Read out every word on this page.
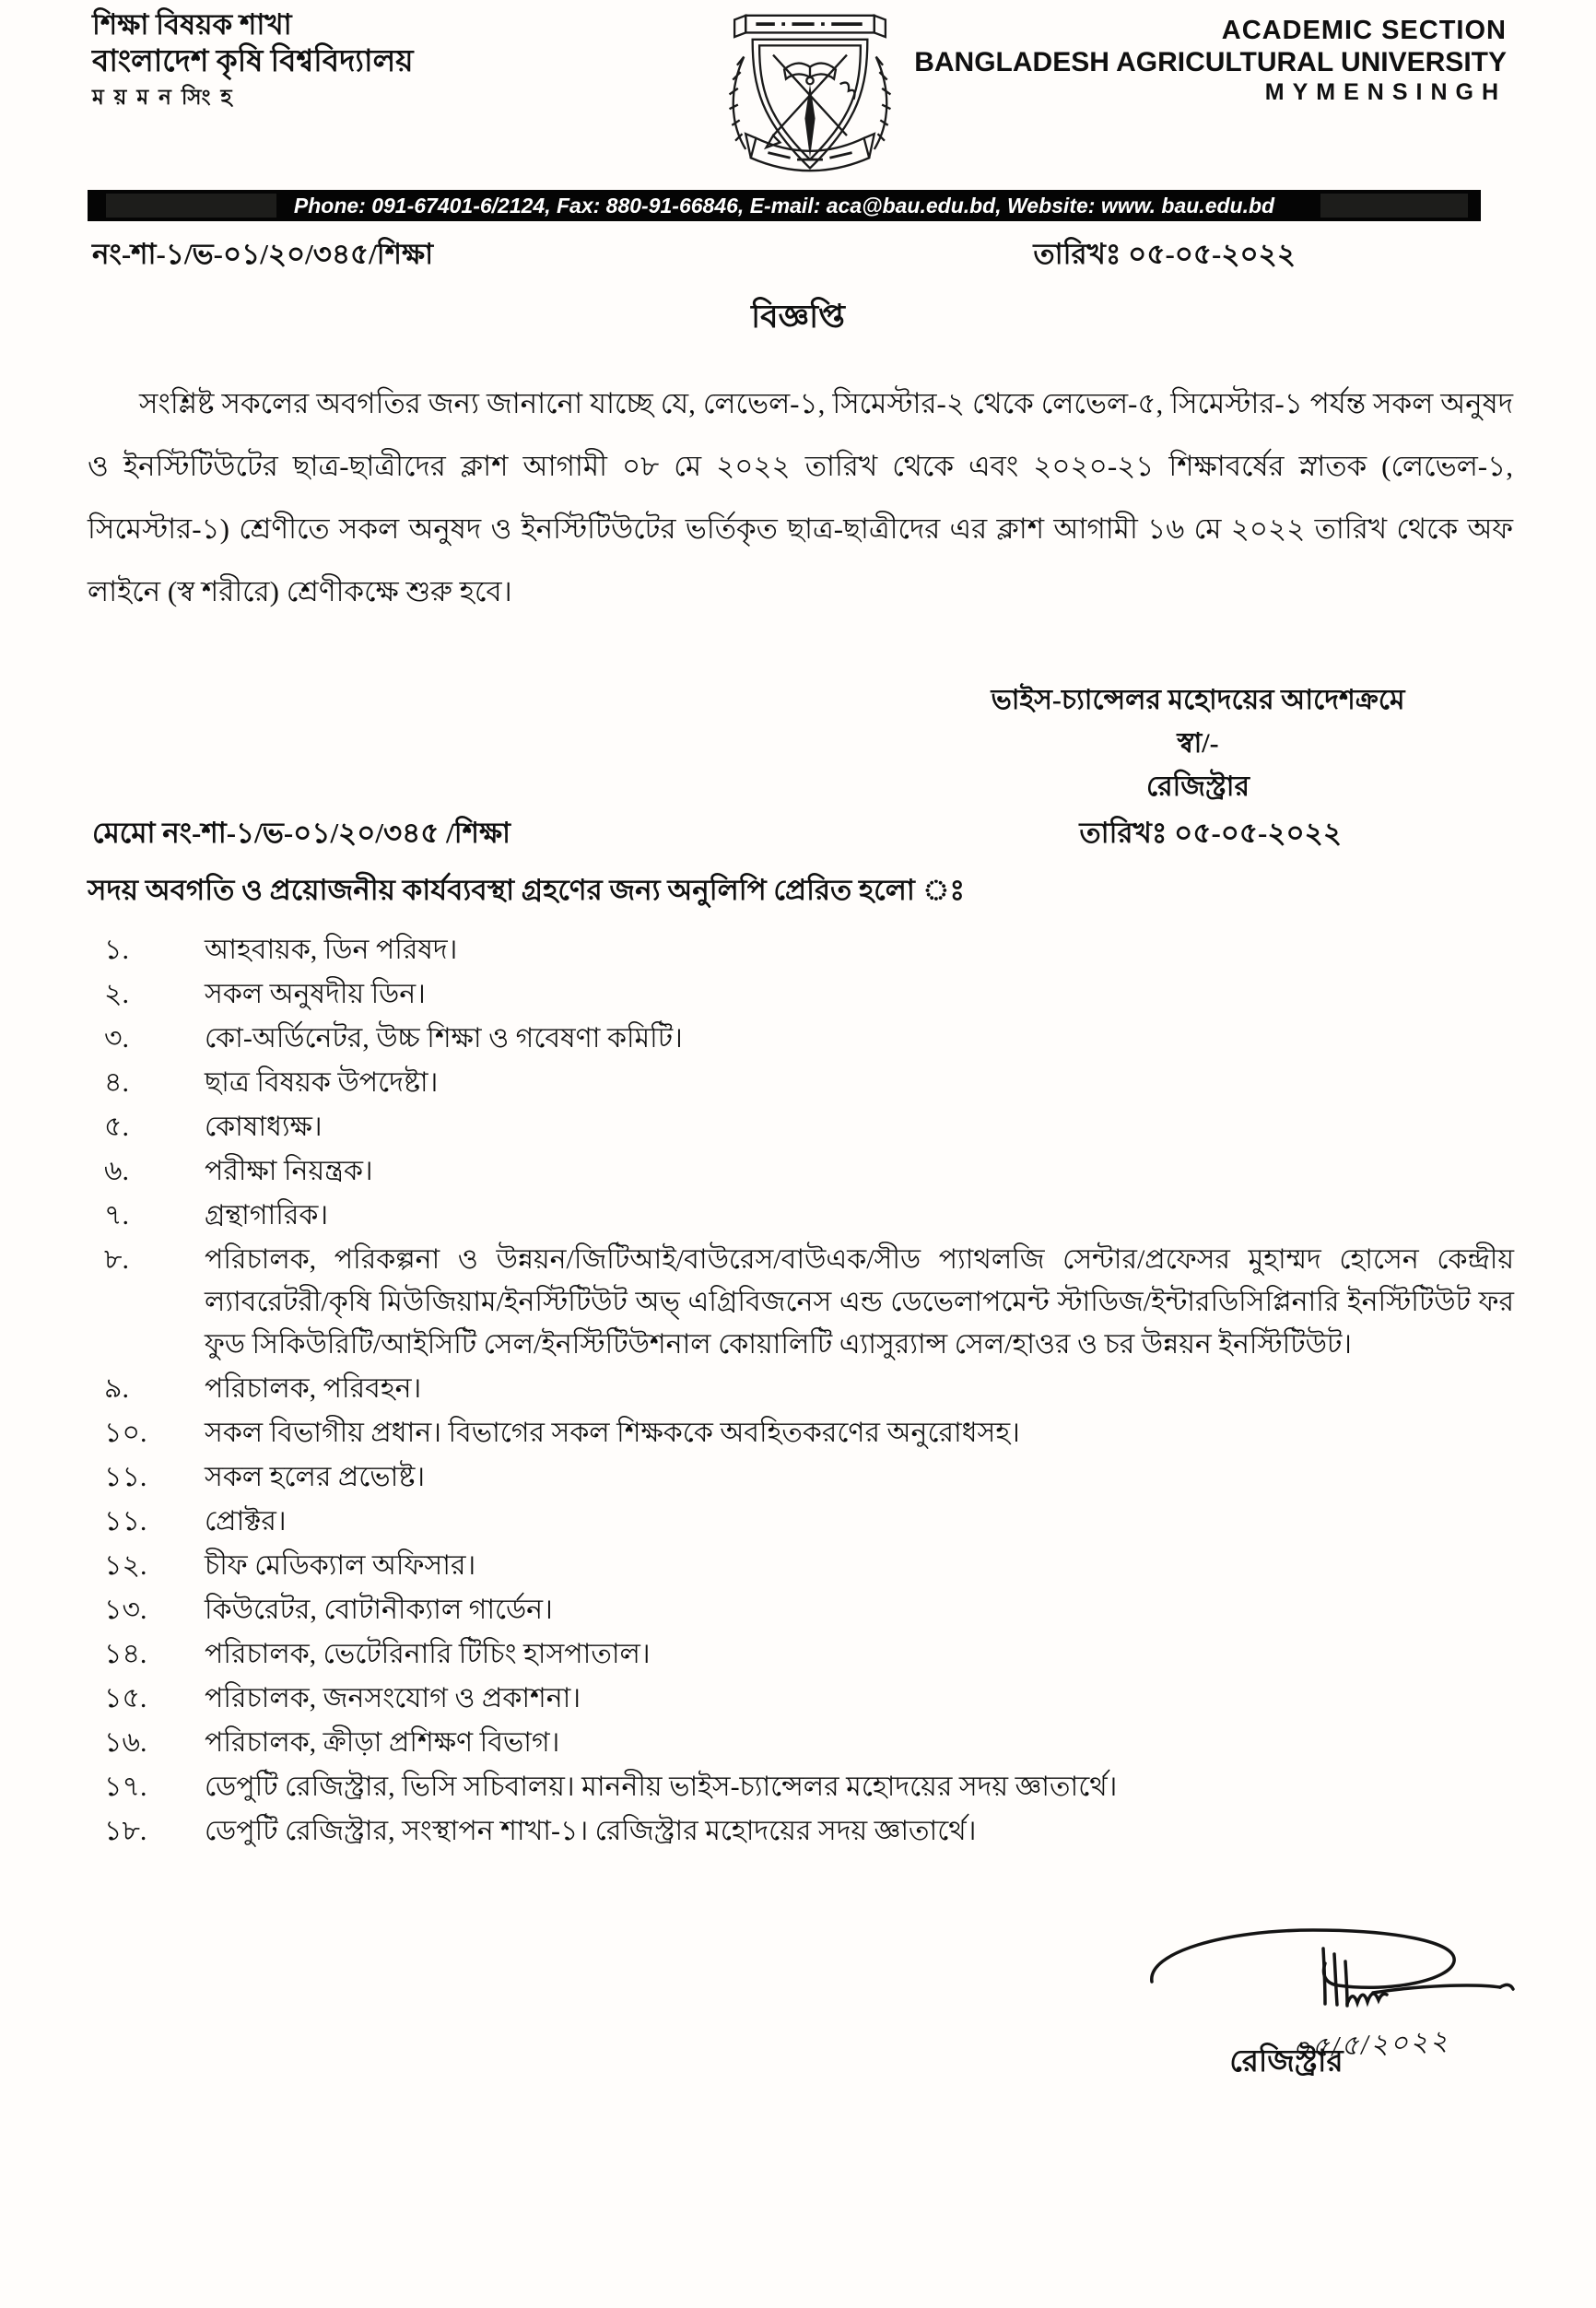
শিক্ষা বিষয়ক শাখা
বাংলাদেশ কৃষি বিশ্ববিদ্যালয়
ময়মনসিংহ
ACADEMIC SECTION
BANGLADESH AGRICULTURAL UNIVERSITY
MYMENSINGH
Phone: 091-67401-6/2124, Fax: 880-91-66846, E-mail: aca@bau.edu.bd, Website: www. bau.edu.bd
নং-শা-১/ভ-০১/২০/৩৪৫/শিক্ষা	তারিখঃ ০৫-০৫-২০২২
বিজ্ঞপ্তি
সংশ্লিষ্ট সকলের অবগতির জন্য জানানো যাচ্ছে যে, লেভেল-১, সিমেস্টার-২ থেকে লেভেল-৫, সিমেস্টার-১ পর্যন্ত সকল অনুষদ ও ইনস্টিটিউটের ছাত্র-ছাত্রীদের ক্লাশ আগামী ০৮ মে ২০২২ তারিখ থেকে এবং ২০২০-২১ শিক্ষাবর্ষের স্নাতক (লেভেল-১, সিমেস্টার-১) শ্রেণীতে সকল অনুষদ ও ইনস্টিটিউটের ভর্তিকৃত ছাত্র-ছাত্রীদের এর ক্লাশ আগামী ১৬ মে ২০২২ তারিখ থেকে অফ লাইনে (স্ব শরীরে) শ্রেণীকক্ষে শুরু হবে।
ভাইস-চ্যান্সেলর মহোদয়ের আদেশক্রমে
স্বা/-
রেজিস্ট্রার
মেমো নং-শা-১/ভ-০১/২০/৩৪৫ /শিক্ষা	তারিখঃ ০৫-০৫-২০২২
সদয় অবগতি ও প্রয়োজনীয় কার্যব্যবস্থা গ্রহণের জন্য অনুলিপি প্রেরিত হলো ঃ
১.	আহবায়ক, ডিন পরিষদ।
২.	সকল অনুষদীয় ডিন।
৩.	কো-অর্ডিনেটর, উচ্চ শিক্ষা ও গবেষণা কমিটি।
৪.	ছাত্র বিষয়ক উপদেষ্টা।
৫.	কোষাধ্যক্ষ।
৬.	পরীক্ষা নিয়ন্ত্রক।
৭.	গ্রন্থাগারিক।
৮.	পরিচালক, পরিকল্পনা ও উন্নয়ন/জিটিআই/বাউরেস/বাউএক/সীড প্যাথলজি সেন্টার/প্রফেসর মুহাম্মদ হোসেন কেন্দ্রীয় ল্যাবরেটরী/কৃষি মিউজিয়াম/ইনস্টিটিউট অভ্ এগ্রিবিজনেস এন্ড ডেভেলাপমেন্ট স্টাডিজ/ইন্টারডিসিপ্লিনারি ইনস্টিটিউট ফর ফুড সিকিউরিটি/আইসিটি সেল/ইনস্টিটিউশনাল কোয়ালিটি এ্যাসুর‍্যান্স সেল/হাওর ও চর উন্নয়ন ইনস্টিটিউট।
৯.	পরিচালক, পরিবহন।
১০. সকল বিভাগীয় প্রধান। বিভাগের সকল শিক্ষককে অবহিতকরণের অনুরোধসহ।
১১. সকল হলের প্রভোষ্ট।
১১. প্রোক্টর।
১২. চীফ মেডিক্যাল অফিসার।
১৩. কিউরেটর, বোটানীক্যাল গার্ডেন।
১৪. পরিচালক, ভেটেরিনারি টিচিং হাসপাতাল।
১৫. পরিচালক, জনসংযোগ ও প্রকাশনা।
১৬. পরিচালক, ক্রীড়া প্রশিক্ষণ বিভাগ।
১৭. ডেপুটি রেজিস্ট্রার, ভিসি সচিবালয়। মাননীয় ভাইস-চ্যান্সেলর মহোদয়ের সদয় জ্ঞাতার্থে।
১৮. ডেপুটি রেজিস্ট্রার, সংস্থাপন শাখা-১। রেজিস্ট্রার মহোদয়ের সদয় জ্ঞাতার্থে।
০৫/৫/২০২২
রেজিস্ট্রার
